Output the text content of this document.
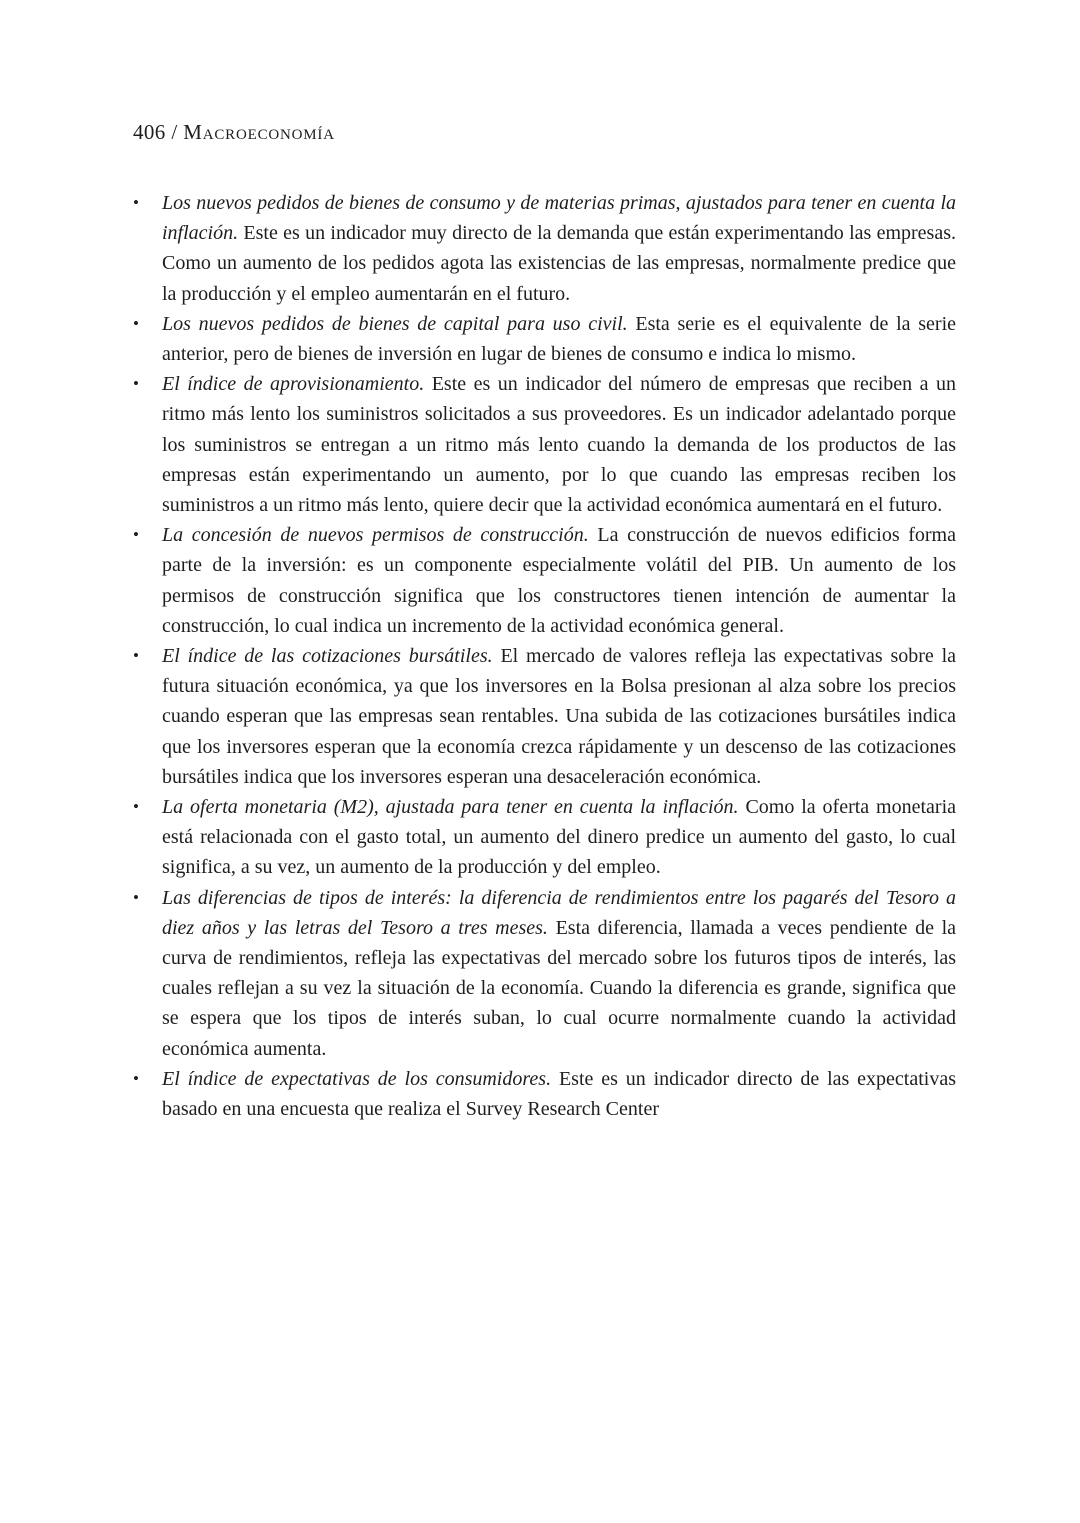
406 / Macroeconomía
•	Los nuevos pedidos de bienes de consumo y de materias primas, ajustados para tener en cuenta la inflación. Este es un indicador muy directo de la demanda que están experimentando las empresas. Como un aumento de los pedidos agota las existencias de las empresas, normalmente predice que la producción y el empleo aumentarán en el futuro.

•	Los nuevos pedidos de bienes de capital para uso civil. Esta serie es el equivalente de la serie anterior, pero de bienes de inversión en lugar de bienes de consumo e indica lo mismo.

•	El índice de aprovisionamiento. Este es un indicador del número de empresas que reciben a un ritmo más lento los suministros solicitados a sus proveedores. Es un indicador adelantado porque los suministros se entregan a un ritmo más lento cuando la demanda de los productos de las empresas están experimentando un aumento, por lo que cuando las empresas reciben los suministros a un ritmo más lento, quiere decir que la actividad económica aumentará en el futuro.

•	La concesión de nuevos permisos de construcción. La construcción de nuevos edificios forma parte de la inversión: es un componente especialmente volátil del PIB. Un aumento de los permisos de construcción significa que los constructores tienen intención de aumentar la construcción, lo cual indica un incremento de la actividad económica general.

•	El índice de las cotizaciones bursátiles. El mercado de valores refleja las expectativas sobre la futura situación económica, ya que los inversores en la Bolsa presionan al alza sobre los precios cuando esperan que las empresas sean rentables. Una subida de las cotizaciones bursátiles indica que los inversores esperan que la economía crezca rápidamente y un descenso de las cotizaciones bursátiles indica que los inversores esperan una desaceleración económica.

•	La oferta monetaria (M2), ajustada para tener en cuenta la inflación. Como la oferta monetaria está relacionada con el gasto total, un aumento del dinero predice un aumento del gasto, lo cual significa, a su vez, un aumento de la producción y del empleo.

•	Las diferencias de tipos de interés: la diferencia de rendimientos entre los pagarés del Tesoro a diez años y las letras del Tesoro a tres meses. Esta diferencia, llamada a veces pendiente de la curva de rendimientos, refleja las expectativas del mercado sobre los futuros tipos de interés, las cuales reflejan a su vez la situación de la economía. Cuando la diferencia es grande, significa que se espera que los tipos de interés suban, lo cual ocurre normalmente cuando la actividad económica aumenta.

•	El índice de expectativas de los consumidores. Este es un indicador directo de las expectativas basado en una encuesta que realiza el Survey Research Center
